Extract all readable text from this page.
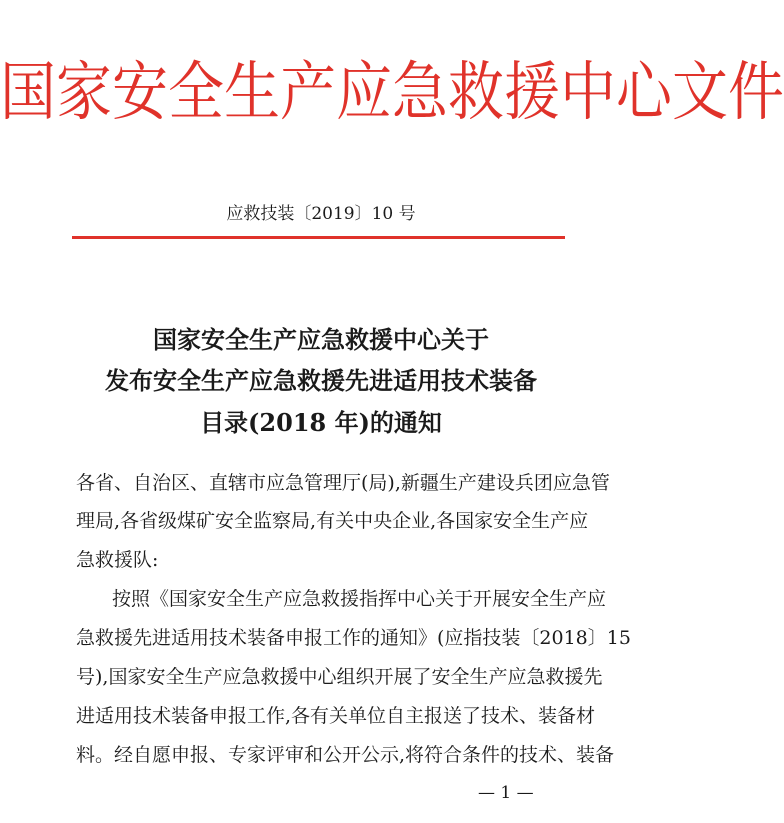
国家安全生产应急救援中心文件
应救技装〔2019〕10 号
国家安全生产应急救援中心关于
发布安全生产应急救援先进适用技术装备
目录(2018 年)的通知
各省、自治区、直辖市应急管理厅(局),新疆生产建设兵团应急管
理局,各省级煤矿安全监察局,有关中央企业,各国家安全生产应
急救援队:
按照《国家安全生产应急救援指挥中心关于开展安全生产应
急救援先进适用技术装备申报工作的通知》(应指技装〔2018〕15
号),国家安全生产应急救援中心组织开展了安全生产应急救援先
进适用技术装备申报工作,各有关单位自主报送了技术、装备材
料。经自愿申报、专家评审和公开公示,将符合条件的技术、装备
— 1 —
